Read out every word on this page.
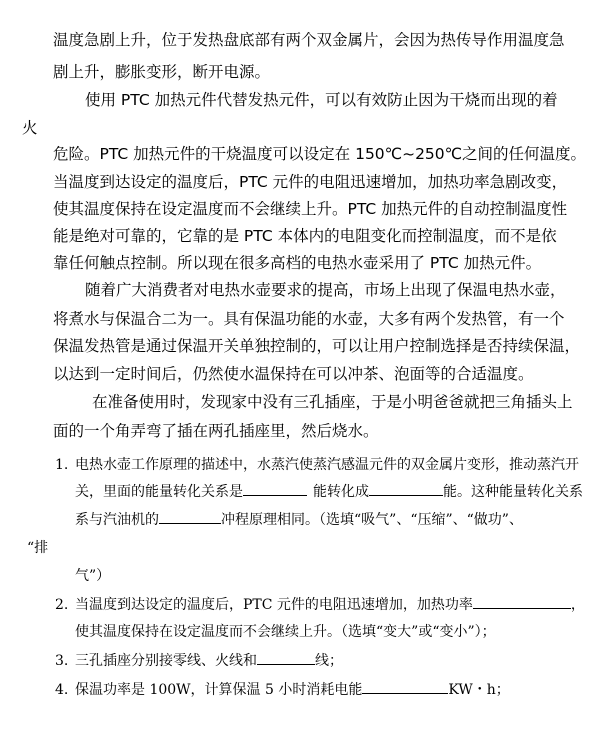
温度急剧上升，位于发热盘底部有两个双金属片，会因为热传导作用温度急
剧上升，膨胀变形，断开电源。
使用 PTC 加热元件代替发热元件，可以有效防止因为干烧而出现的着
火
危险。PTC 加热元件的干烧温度可以设定在 150℃~250℃之间的任何温度。
当温度到达设定的温度后，PTC 元件的电阻迅速增加，加热功率急剧改变，
使其温度保持在设定温度而不会继续上升。PTC 加热元件的自动控制温度性
能是绝对可靠的，它靠的是 PTC 本体内的电阻变化而控制温度，而不是依
靠任何触点控制。所以现在很多高档的电热水壶采用了 PTC 加热元件。
随着广大消费者对电热水壶要求的提高，市场上出现了保温电热水壶，
将煮水与保温合二为一。具有保温功能的水壶，大多有两个发热管，有一个
保温发热管是通过保温开关单独控制的，可以让用户控制选择是否持续保温，
以达到一定时间后，仍然使水温保持在可以冲茶、泡面等的合适温度。
在准备使用时，发现家中没有三孔插座，于是小明爸爸就把三角插头上
面的一个角弄弯了插在两孔插座里，然后烧水。
1. 电热水壶工作原理的描述中，水蒸汽使蒸汽感温元件的双金属片变形，推动蒸汽开
关，里面的能量转化关系是	能转化成	能。这种能量转化关系
系与汽油机的	冲程原理相同。（选填“吸气”、“压缩”、“做功”、
“排
气”）
2. 当温度到达设定的温度后，PTC 元件的电阻迅速增加，加热功率	，
使其温度保持在设定温度而不会继续上升。（选填“变大”或“变小”）；
3. 三孔插座分别接零线、火线和	线；
4. 保温功率是 100W，计算保温 5 小时消耗电能	KW・h；
